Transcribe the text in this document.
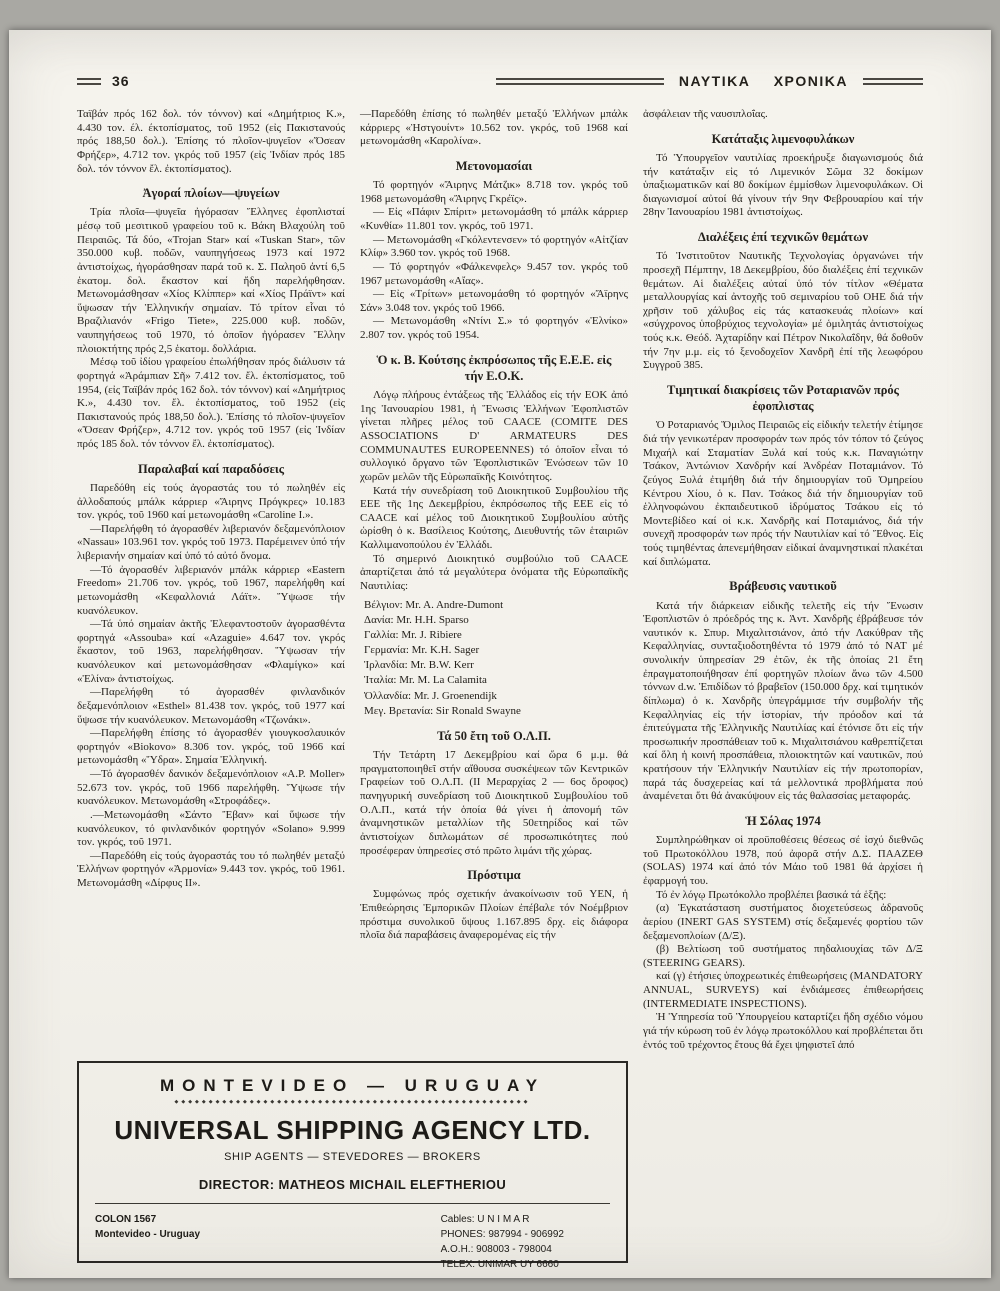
36	ΝΑΥΤΙΚΑ ΧΡΟΝΙΚΑ

Ταϊβάν πρός 162 δολ. τόν τόννον) καί «Δημήτριος Κ.», 4.430 τον. έλ. έκτοπίσματος, τοῦ 1952 (εἰς Πακιστανούς πρός 188,50 δολ.). Ἐπίσης τό πλοῖον-ψυγεῖον «Ὄσεαν Φρήζερ», 4.712 τον. γκρός τοῦ 1957 (εἰς Ἰνδίαν πρός 185 δολ. τόν τόννον ἔλ. ἐκτοπίσματος).

Ἀγοραί πλοίων—ψυγείων

Τρία πλοῖα—ψυγεῖα ἠγόρασαν Ἕλληνες ἐφοπλισταί μέσῳ τοῦ μεσιτικοῦ γραφείου τοῦ κ. Βάκη Βλαχούλη τοῦ Πειραιῶς. Τά δύο, «Trojan Star» καί «Tuskan Star», τῶν 350.000 κυβ. ποδῶν, ναυπηγήσεως 1973 καί 1972 ἀντιστοίχως, ἠγοράσθησαν παρά τοῦ κ. Σ. Παληοῦ ἀντί 6,5 ἑκατομ. δολ. ἕκαστον καί ἤδη παρελήφθησαν. Μετωνομάσθησαν «Χίος Κλίππερ» καί «Χίος Πράϊντ» καί ὕψωσαν τήν Ἑλληνικήν σημαίαν. Τό τρίτον εἶναι τό Βραζιλιανόν «Frigo Tiete», 225.000 κυβ. ποδῶν, ναυπηγήσεως τοῦ 1970, τό ὁποῖον ἠγόρασεν Ἕλλην πλοιοκτήτης πρός 2,5 ἑκατομ. δολλάρια.

Μέσῳ τοῦ ἰδίου γραφείου ἐπωλήθησαν πρός διάλυσιν τά φορτηγά «Ἀράμπιαν Σῆ» 7.412 τον. ἔλ. ἐκτοπίσματος, τοῦ 1954, (εἰς Ταϊβάν πρός 162 δολ. τόν τόννον) καί «Δημήτριος Κ.», 4.430 τον. ἔλ. ἐκτοπίσματος, τοῦ 1952 (εἰς Πακιστανούς πρός 188,50 δολ.). Ἐπίσης τό πλοῖον-ψυγεῖον «Ὄσεαν Φρήζερ», 4.712 τον. γκρός τοῦ 1957 (εἰς Ἰνδίαν πρός 185 δολ. τόν τόννον ἔλ. ἐκτοπίσματος).

Παραλαβαί καί παραδόσεις

Παρεδόθη εἰς τούς ἀγοραστάς του τό πωληθέν εἰς ἀλλοδαπούς μπάλκ κάρριερ «Ἄιρηνς Πρόγκρες» 10.183 τον. γκρός, τοῦ 1960 καί μετωνομάσθη «Caroline I.».

—Παρελήφθη τό ἀγορασθέν λιβεριανόν δεξαμενόπλοιον «Nassau» 103.961 τον. γκρός τοῦ 1973. Παρέμεινεν ὑπό τήν λιβεριανήν σημαίαν καί ὑπό τό αὐτό ὄνομα.

—Τό ἀγορασθέν λιβεριανόν μπάλκ κάρριερ «Eastern Freedom» 21.706 τον. γκρός, τοῦ 1967, παρελήφθη καί μετωνομάσθη «Κεφαλλονιά Λάϊτ». Ὕψωσε τήν κυανόλευκον.

—Τά ὑπό σημαίαν ἀκτῆς Ἐλεφαντοστοῦν ἀγορασθέντα φορτηγά «Assouba» καί «Azaguie» 4.647 τον. γκρός ἕκαστον, τοῦ 1963, παρελήφθησαν. Ὕψωσαν τήν κυανόλευκον καί μετωνομάσθησαν «Φλαμίγκο» καί «Ἐλίνα» ἀντιστοίχως.

—Παρελήφθη τό ἀγορασθέν φινλανδικόν δεξαμενόπλοιον «Esthel» 81.438 τον. γκρός, τοῦ 1977 καί ὕψωσε τήν κυανόλευκον. Μετωνομάσθη «Τζωνάκι».

—Παρελήφθη ἐπίσης τό ἀγορασθέν γιουγκοσλαυικόν φορτηγόν «Biokovo» 8.306 τον. γκρός, τοῦ 1966 καί μετωνομάσθη «Ὕδρα». Σημαία Ἑλληνική.

—Τό ἀγορασθέν δανικόν δεξαμενόπλοιον «A.P. Moller» 52.673 τον. γκρός, τοῦ 1966 παρελήφθη. Ὕψωσε τήν κυανόλευκον. Μετωνομάσθη «Στροφάδες».

.—Μετωνομάσθη «Σάντο Ἔβαν» καί ὕψωσε τήν κυανόλευκον, τό φινλανδικόν φορτηγόν «Solano» 9.999 τον. γκρός, τοῦ 1971.

—Παρεδόθη εἰς τούς ἀγοραστάς του τό πωληθέν μεταξύ Ἑλλήνων φορτηγόν «Ἁρμονία» 9.443 τον. γκρός, τοῦ 1961. Μετωνομάσθη «Δίρφυς ΙΙ».

—Παρεδόθη ἐπίσης τό πωληθέν μεταξύ Ἑλλήνων μπάλκ κάρριερς «Ἡστγουίντ» 10.562 τον. γκρός, τοῦ 1968 καί μετωνομάσθη «Καρολίνα».

Μετονομασίαι

Τό φορτηγόν «Ἄιρηνς Μάτζικ» 8.718 τον. γκρός τοῦ 1968 μετωνομάσθη «Ἄιρηνς Γκρέϊς».

— Εἰς «Πάφιν Σπίριτ» μετωνομάσθη τό μπάλκ κάρριερ «Κυνθία» 11.801 τον. γκρός, τοῦ 1971.

— Μετωνομάσθη «Γκόλεντενσεν» τό φορτηγόν «Αἰτζίαν Κλίφ» 3.960 τον. γκρός τοῦ 1968.

— Τό φορτηγόν «Φάλκενφελς» 9.457 τον. γκρός τοῦ 1967 μετωνομάσθη «Αἴας».

— Εἰς «Τρίτων» μετωνομάσθη τό φορτηγόν «Ἄϊρηνς Σάν» 3.048 τον. γκρός τοῦ 1966.

— Μετωνομάσθη «Ντίνι Σ.» τό φορτηγόν «Ἐλνίκο» 2.807 τον. γκρός τοῦ 1954.

Ὁ κ. Β. Κούτσης ἐκπρόσωπος τῆς Ε.Ε.Ε. εἰς τήν Ε.Ο.Κ.

Λόγῳ πλήρους ἐντάξεως τῆς Ἑλλάδος εἰς τήν ΕΟΚ ἀπό 1ης Ἰανουαρίου 1981, ἡ Ἕνωσις Ἑλλήνων Ἐφοπλιστῶν γίνεται πλῆρες μέλος τοῦ CAACE (COMITE DES ASSOCIATIONS D' ARMATEURS DES COMMUNAUTES EUROPEENNES) τό ὁποῖον εἶναι τό συλλογικό ὄργανο τῶν Ἐφοπλιστικῶν Ἑνώσεων τῶν 10 χωρῶν μελῶν τῆς Εὐρωπαϊκῆς Κοινότητος.

Κατά τήν συνεδρίαση τοῦ Διοικητικοῦ Συμβουλίου τῆς ΕΕΕ τῆς 1ης Δεκεμβρίου, ἐκπρόσωπος τῆς ΕΕΕ εἰς τό CAACE καί μέλος τοῦ Διοικητικοῦ Συμβουλίου αὐτῆς ὡρίσθη ὁ κ. Βασίλειος Κούτσης, Διευθυντής τῶν ἑταιριῶν Καλλιμανοπούλου ἐν Ἑλλάδι.

Τό σημερινό Διοικητικό συμβούλιο τοῦ CAACE ἀπαρτίζεται ἀπό τά μεγαλύτερα ὀνόματα τῆς Εὐρωπαϊκῆς Ναυτιλίας:

Βέλγιον: Mr. A. Andre-Dumont
Δανία: Mr. H.H. Sparso
Γαλλία: Mr. J. Ribiere
Γερμανία: Mr. K.H. Sager
Ἰρλανδία: Mr. B.W. Kerr
Ἰταλία: Mr. M. La Calamita
Ὁλλανδία: Mr. J. Groenendijk
Μεγ. Βρετανία: Sir Ronald Swayne
Τά 50 ἔτη τοῦ Ο.Λ.Π.

Τήν Τετάρτη 17 Δεκεμβρίου καί ὥρα 6 μ.μ. θά πραγματοποιηθεῖ στήν αἴθουσα συσκέψεων τῶν Κεντρικῶν Γραφείων τοῦ Ο.Λ.Π. (ΙΙ Μεραρχίας 2 — 6ος ὄροφος) πανηγυρική συνεδρίαση τοῦ Διοικητικοῦ Συμβουλίου τοῦ Ο.Λ.Π., κατά τήν ὁποία θά γίνει ἡ ἀπονομή τῶν ἀναμνηστικῶν μεταλλίων τῆς 50ετηρίδος καί τῶν ἀντιστοίχων διπλωμάτων σέ προσωπικότητες πού προσέφεραν ὑπηρεσίες στό πρῶτο λιμάνι τῆς χώρας.

Πρόστιμα

Συμφώνως πρός σχετικήν ἀνακοίνωσιν τοῦ ΥΕΝ, ἡ Ἐπιθεώρησις Ἐμπορικῶν Πλοίων ἐπέβαλε τόν Νοέμβριον πρόστιμα συνολικοῦ ὕψους 1.167.895 δρχ. εἰς διάφορα πλοῖα διά παραβάσεις ἀναφερομένας εἰς τήν

MONTEVIDEO — URUGUAY
◆◆◆◆◆◆◆◆◆◆◆◆◆◆◆◆◆◆◆◆◆◆◆◆◆◆◆◆◆◆◆◆◆◆◆◆◆◆◆◆◆◆◆◆◆◆◆◆◆◆◆◆
UNIVERSAL SHIPPING AGENCY LTD.
SHIP AGENTS — STEVEDORES — BROKERS
DIRECTOR: MATHEOS MICHAIL ELEFTHERIOU
COLON 1567
Montevideo - Uruguay
Cables: U N I M A R
PHONES: 987994 - 906992
A.O.H.: 908003 - 798004
TELEX: UNIMAR UY 6660

ἀσφάλειαν τῆς ναυσιπλοΐας.

Κατάταξις λιμενοφυλάκων

Τό Ὑπουργεῖον ναυτιλίας προεκήρυξε διαγωνισμούς διά τήν κατάταξιν εἰς τό Λιμενικόν Σῶμα 32 δοκίμων ὑπαξιωματικῶν καί 80 δοκίμων ἐμμίσθων λιμενοφυλάκων. Οἱ διαγωνισμοί αὐτοί θά γίνουν τήν 9ην Φεβρουαρίου καί τήν 28ην Ἰανουαρίου 1981 ἀντιστοίχως.

Διαλέξεις ἐπί τεχνικῶν θεμάτων

Τό Ἰνστιτοῦτον Ναυτικῆς Τεχνολογίας ὀργανώνει τήν προσεχῆ Πέμπτην, 18 Δεκεμβρίου, δύο διαλέξεις ἐπί τεχνικῶν θεμάτων. Αἱ διαλέξεις αὐταί ὑπό τόν τίτλον «Θέματα μεταλλουργίας καί ἀντοχῆς τοῦ σεμιναρίου τοῦ ΟΗΕ διά τήν χρῆσιν τοῦ χάλυβος εἰς τάς κατασκευάς πλοίων» καί «σύγχρονος ὑποβρύχιος τεχνολογία» μέ ὁμιλητάς ἀντιστοίχως τούς κ.κ. Θεόδ. Ἀχταρίδην καί Πέτρον Νικολαΐδην, θά δοθοῦν τήν 7ην μ.μ. εἰς τό ξενοδοχεῖον Χανδρῆ ἐπί τῆς λεωφόρου Συγγροῦ 385.

Τιμητικαί διακρίσεις τῶν Ροταριανῶν πρός ἐφοπλιστας

Ὁ Ροταριανός Ὅμιλος Πειραιῶς εἰς εἰδικήν τελετήν ἐτίμησε διά τήν γενικωτέραν προσφοράν των πρός τόν τόπον τό ζεύγος Μιχαήλ καί Σταματίαν Ξυλά καί τούς κ.κ. Παναγιώτην Τσάκον, Ἀντώνιον Χανδρήν καί Ἀνδρέαν Ποταμιάνον. Τό ζεύγος Ξυλά ἐτιμήθη διά τήν δημιουργίαν τοῦ Ὁμηρείου Κέντρου Χίου, ὁ κ. Παν. Τσάκος διά τήν δημιουργίαν τοῦ ἑλληνοφώνου ἐκπαιδευτικοῦ ἱδρύματος Τσάκου εἰς τό Μοντεβίδεο καί οἱ κ.κ. Χανδρῆς καί Ποταμιάνος, διά τήν συνεχῆ προσφοράν των πρός τήν Ναυτιλίαν καί τό Ἔθνος. Εἰς τούς τιμηθέντας ἀπενεμήθησαν εἰδικαί ἀναμνηστικαί πλακέται καί διπλώματα.

Βράβευσις ναυτικοῦ

Κατά τήν διάρκειαν εἰδικῆς τελετῆς εἰς τήν Ἕνωσιν Ἐφοπλιστῶν ὁ πρόεδρός της κ. Ἀντ. Χανδρῆς ἐβράβευσε τόν ναυτικόν κ. Σπυρ. Μιχαλιτσιάνον, ἀπό τήν Λακύθραν τῆς Κεφαλληνίας, συνταξιοδοτηθέντα τό 1979 ἀπό τό ΝΑΤ μέ συνολικήν ὑπηρεσίαν 29 ἐτῶν, ἐκ τῆς ὁποίας 21 ἔτη ἐπραγματοποιήθησαν ἐπί φορτηγῶν πλοίων ἄνω τῶν 4.500 τόννων d.w. Ἐπιδίδων τό βραβεῖον (150.000 δρχ. καί τιμητικόν δίπλωμα) ὁ κ. Χανδρῆς ὑπεγράμμισε τήν συμβολήν τῆς Κεφαλληνίας εἰς τήν ἱστορίαν, τήν πρόοδον καί τά ἐπιτεύγματα τῆς Ἑλληνικῆς Ναυτιλίας καί ἐτόνισε ὅτι εἰς τήν προσωπικήν προσπάθειαν τοῦ κ. Μιχαλιτσιάνου καθρεπτίζεται καί ὅλη ἡ κοινή προσπάθεια, πλοιοκτητῶν καί ναυτικῶν, πού κρατήσουν τήν Ἑλληνικήν Ναυτιλίαν εἰς τήν πρωτοπορίαν, παρά τάς δυσχερείας καί τά μελλοντικά προβλήματα πού ἀναμένεται ὅτι θά ἀνακύψουν εἰς τάς θαλασσίας μεταφοράς.

Ἡ Σόλας 1974

Συμπληρώθηκαν οἱ προϋποθέσεις θέσεως σέ ἰσχύ διεθνῶς τοῦ Πρωτοκόλλου 1978, πού ἀφορᾶ στήν Δ.Σ. ΠΑΑΖΕΘ (SOLAS) 1974 καί ἀπό τόν Μάιο τοῦ 1981 θά ἀρχίσει ἡ ἐφαρμογή του.

Τό ἐν λόγῳ Πρωτόκολλο προβλέπει βασικά τά ἑξῆς:

(α) Ἐγκατάσταση συστήματος διοχετεύσεως ἀδρανοῦς ἀερίου (INERT GAS SYSTEM) στίς δεξαμενές φορτίου τῶν δεξαμενοπλοίων (Δ/Ξ).

(β) Βελτίωση τοῦ συστήματος πηδαλιουχίας τῶν Δ/Ξ (STEERING GEARS).

καί (γ) ἐτήσιες ὑποχρεωτικές ἐπιθεωρήσεις (MANDATORY ANNUAL, SURVEYS) καί ἐνδιάμεσες ἐπιθεωρήσεις (INTERMEDIATE INSPECTIONS).

Ἡ Ὑπηρεσία τοῦ Ὑπουργείου καταρτίζει ἤδη σχέδιο νόμου γιά τήν κύρωση τοῦ ἐν λόγῳ πρωτοκόλλου καί προβλέπεται ὅτι ἐντός τοῦ τρέχοντος ἔτους θά ἔχει ψηφιστεῖ ἀπό
